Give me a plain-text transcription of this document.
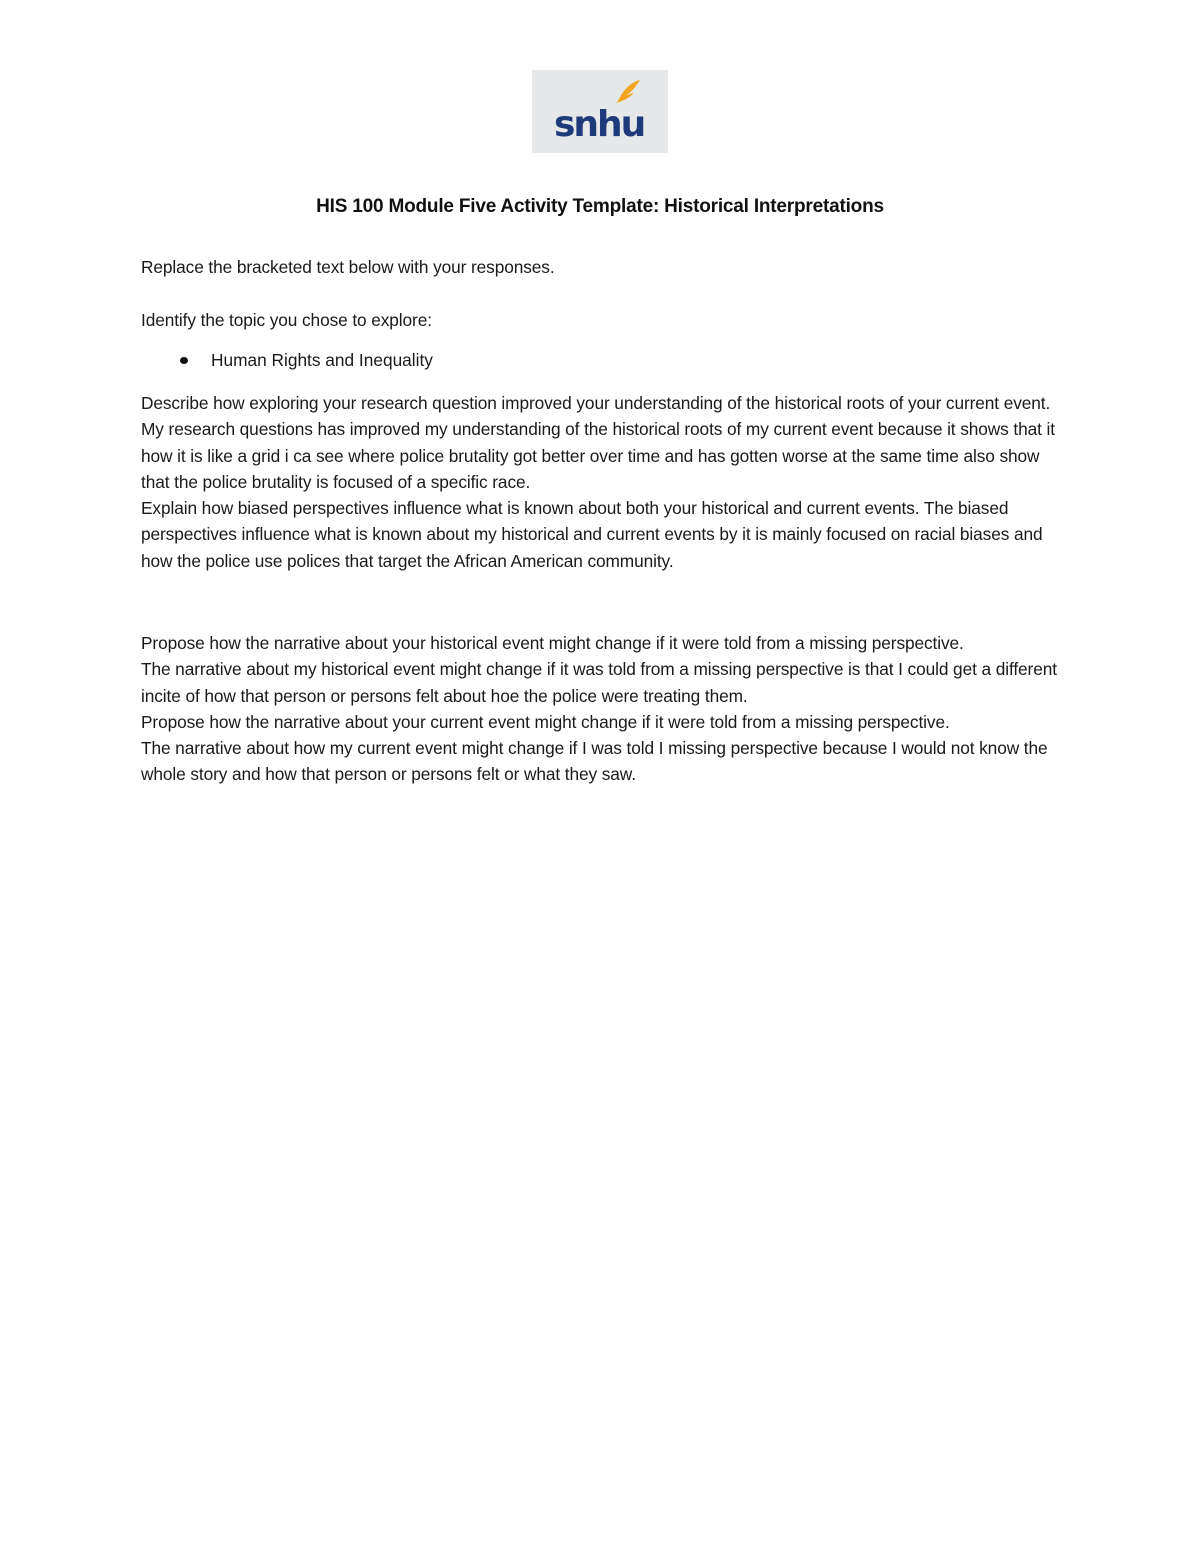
snhu
HIS 100 Module Five Activity Template: Historical Interpretations
Replace the bracketed text below with your responses.
Identify the topic you chose to explore:
Human Rights and Inequality

Describe how exploring your research question improved your understanding of the historical roots of your current event. My research questions has improved my understanding of the historical roots of my current event because it shows that it how it is like a grid i ca see where police brutality got better over time and has gotten worse at the same time also show that the police brutality is focused of a specific race.

Explain how biased perspectives influence what is known about both your historical and current events. The biased perspectives influence what is known about my historical and current events by it is mainly focused on racial biases and how the police use polices that target the African American community.

Propose how the narrative about your historical event might change if it were told from a missing perspective.

The narrative about my historical event might change if it was told from a missing perspective is that I could get a different incite of how that person or persons felt about hoe the police were treating them.

Propose how the narrative about your current event might change if it were told from a missing perspective.

The narrative about how my current event might change if I was told I missing perspective because I would not know the whole story and how that person or persons felt or what they saw.
